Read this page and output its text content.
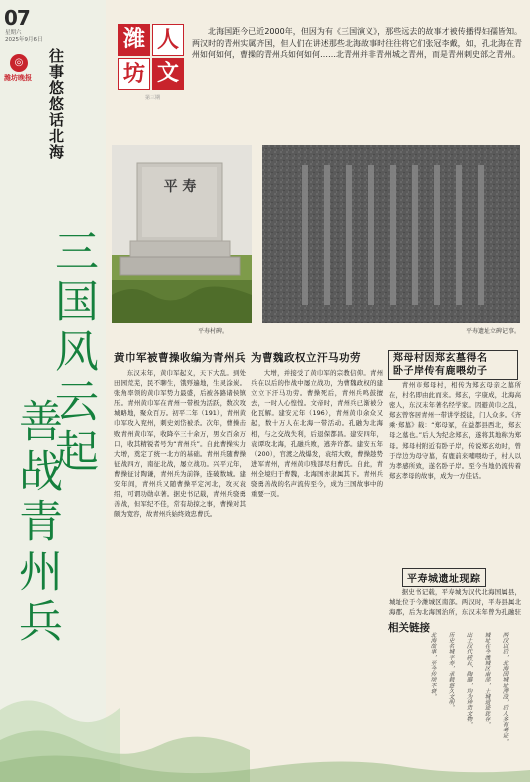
07
星期六
2025年9月6日
◎
潍坊晚报 往事悠悠话北海
三国风云起
善战青州兵
潍 人
坊 文
第三期
北海国距今已近2000年，但因为有《三国演义》，那些远去的故事才被传播得妇孺皆知。两汉时的青州实属齐国，但人们在讲述那些北海故事时往往将它们张冠李戴，如，孔北海在青州如何如何，曹操的青州兵如何如何……北青州并非青州城之青州，而是青州刺史部之青州。
平 寿
平寿村碑。	平寿遗址立碑记事。
黄巾军被曹操收编为青州兵 为曹魏政权立汗马功劳	郑母村因郑玄墓得名
卧子岸传有鹿喂幼子
平寿城遗址现踪
东汉末年，黄巾军起义，天下大乱。到处田园荒芜，民不聊生，饿殍遍地，生灵涂炭。张角率领的黄巾军势力最盛，后被各路诸侯镇压。青州黄巾军在青州一带极为活跃，数次攻城略地，聚众百万。初平二年（191），青州黄巾军攻入兖州，刺史刘岱被杀。次年，曹操击败青州黄巾军，收降卒三十余万，男女百余万口，收其精锐者号为“青州兵”。自此曹操实力大增，奠定了统一北方的基础。青州兵随曹操征战四方，南征北战，屡立战功。兴平元年，曹操征讨陶谦，青州兵为前锋，连破数城。建安年间，青州兵又随曹操平定河北，攻灭袁绍，可谓功勋卓著。据史书记载，青州兵骁勇善战，但军纪不佳，常有劫掠之事，曹操对其颇为宽容，故青州兵始终效忠曹氏。
大增，并接受了黄巾军的宗教信仰。青州兵在以后的作战中屡立战功，为曹魏政权的建立立下汗马功劳。曹操死后，青州兵鸣鼓擅去，一时人心惶惶。文帝时，青州兵已渐被分化瓦解。建安元年（196），青州黄巾余众又起，数十万人在北海一带活动。孔融为北海相，与之交战失利，后退保都昌。建安四年，袁谭攻北海，孔融兵败，逃奔许都。建安五年（200），官渡之战爆发，袁绍大败，曹操趁势进军青州，青州黄巾残部尽归曹氏。自此，青州全境归于曹魏，北海国亦隶属其下。青州兵骁勇善战的名声流传至今，成为三国故事中的重要一页。
青州市郑母村，相传为郑玄母亲之墓所在，村名即由此而来。郑玄，字康成，北海高密人，东汉末年著名经学家。因避黄巾之乱，郑玄曾客居青州一带讲学授徒，门人众多。《齐乘·郑墓》载：“郑母冢，在益都县西北，郑玄母之墓也。”后人为纪念郑玄，遂将其地称为郑母。郑母村附近有卧子岸，传说郑玄幼时，曾于岸边为母守墓，有鹿前来哺喂幼子，村人以为孝感所致，遂名卧子岸。至今当地仍流传着郑玄孝母的故事，成为一方佳话。
据史书记载，平寿城为汉代北海国属县，城址位于今潍城区南部。两汉时，平寿县属北海郡，后为北海国治所，东汉末年曾为孔融驻
相关链接
两汉以后，北海国城址湮没，后人多有考证。
城址在今潍城区南部，土城遗迹犹存。
出土汉代砖瓦、陶器，均为珍贵文物。
历史名城平寿，承载悠久文明。
北海故事，至今传颂不衰。
